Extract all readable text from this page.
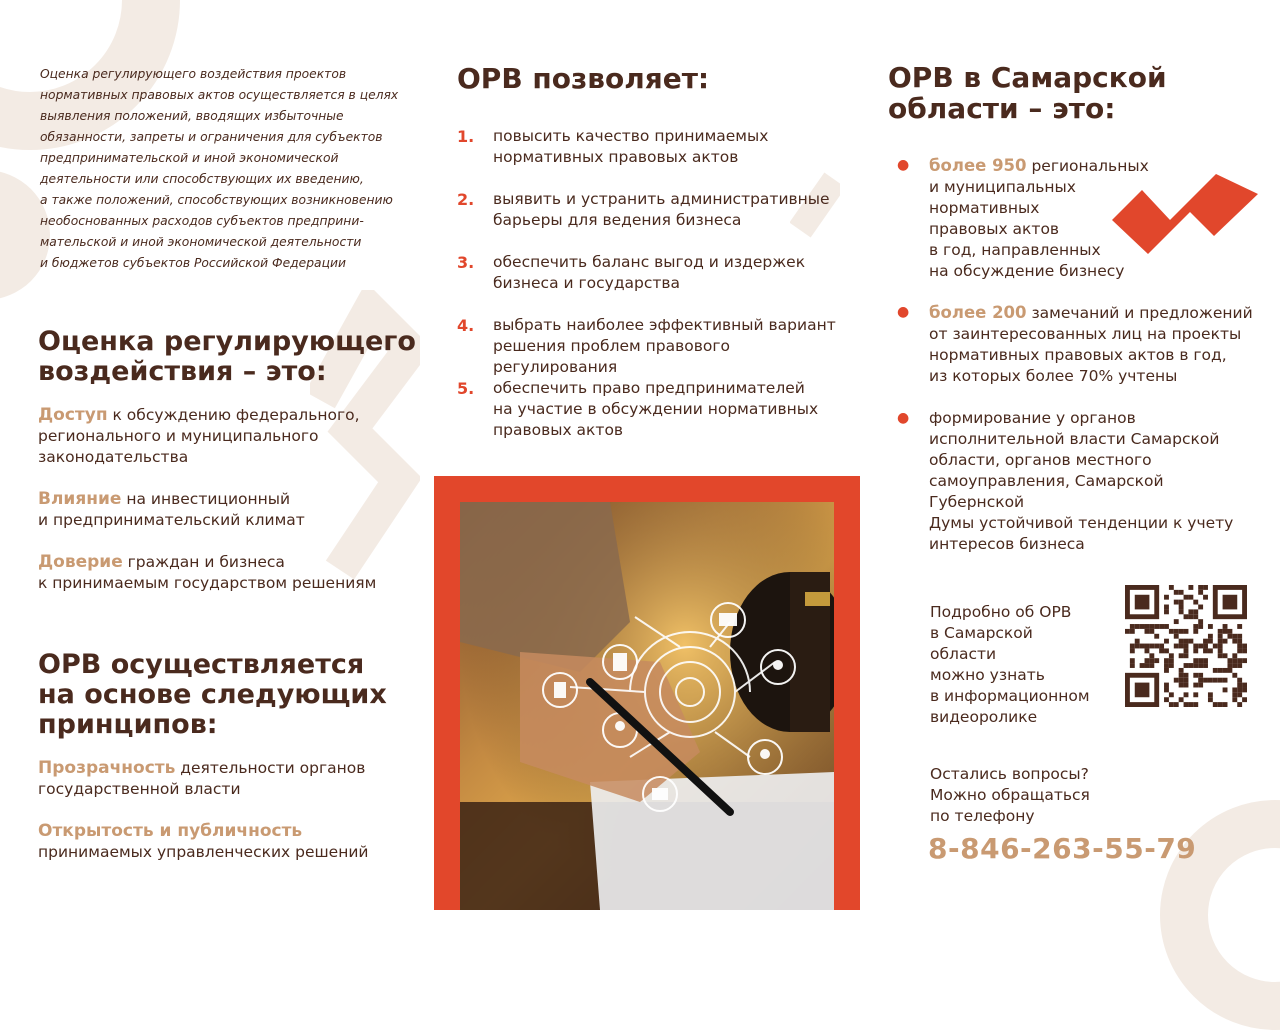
Оценка регулирующего воздействия проектов
нормативных правовых актов осуществляется в целях
выявления положений, вводящих избыточные
обязанности, запреты и ограничения для субъектов
предпринимательской и иной экономической
деятельности или способствующих их введению,
а также положений, способствующих возникновению
необоснованных расходов субъектов предприни-
мательской и иной экономической деятельности
и бюджетов субъектов Российской Федерации
Оценка регулирующего
воздействия – это:
Доступ к обсуждению федерального,
регионального и муниципального
законодательства
Влияние на инвестиционный
и предпринимательский климат
Доверие граждан и бизнеса
к принимаемым государством решениям
ОРВ осуществляется
на основе следующих
принципов:
Прозрачность деятельности органов
государственной власти
Открытость и публичность
принимаемых управленческих решений
ОРВ позволяет:
1.	повысить качество принимаемых
нормативных правовых актов
2.	выявить и устранить административные
барьеры для ведения бизнеса
3.	обеспечить баланс выгод и издержек
бизнеса и государства
4.	выбрать наиболее эффективный вариант
решения проблем правового регулирования
5.	обеспечить право предпринимателей
на участие в обсуждении нормативных
правовых актов
ОРВ в Самарской
области – это:
●	более 950 региональных
и муниципальных
нормативных
правовых актов
в год, направленных
на обсуждение бизнесу
●	более 200 замечаний и предложений
от заинтересованных лиц на проекты
нормативных правовых актов в год,
из которых более 70% учтены
●	формирование у органов
исполнительной власти Самарской
области, органов местного
самоуправления, Самарской Губернской
Думы устойчивой тенденции к учету
интересов бизнеса
Подробно об ОРВ
в Самарской области
можно узнать
в информационном
видеоролике
Остались вопросы?
Можно обращаться
по телефону
8-846-263-55-79
